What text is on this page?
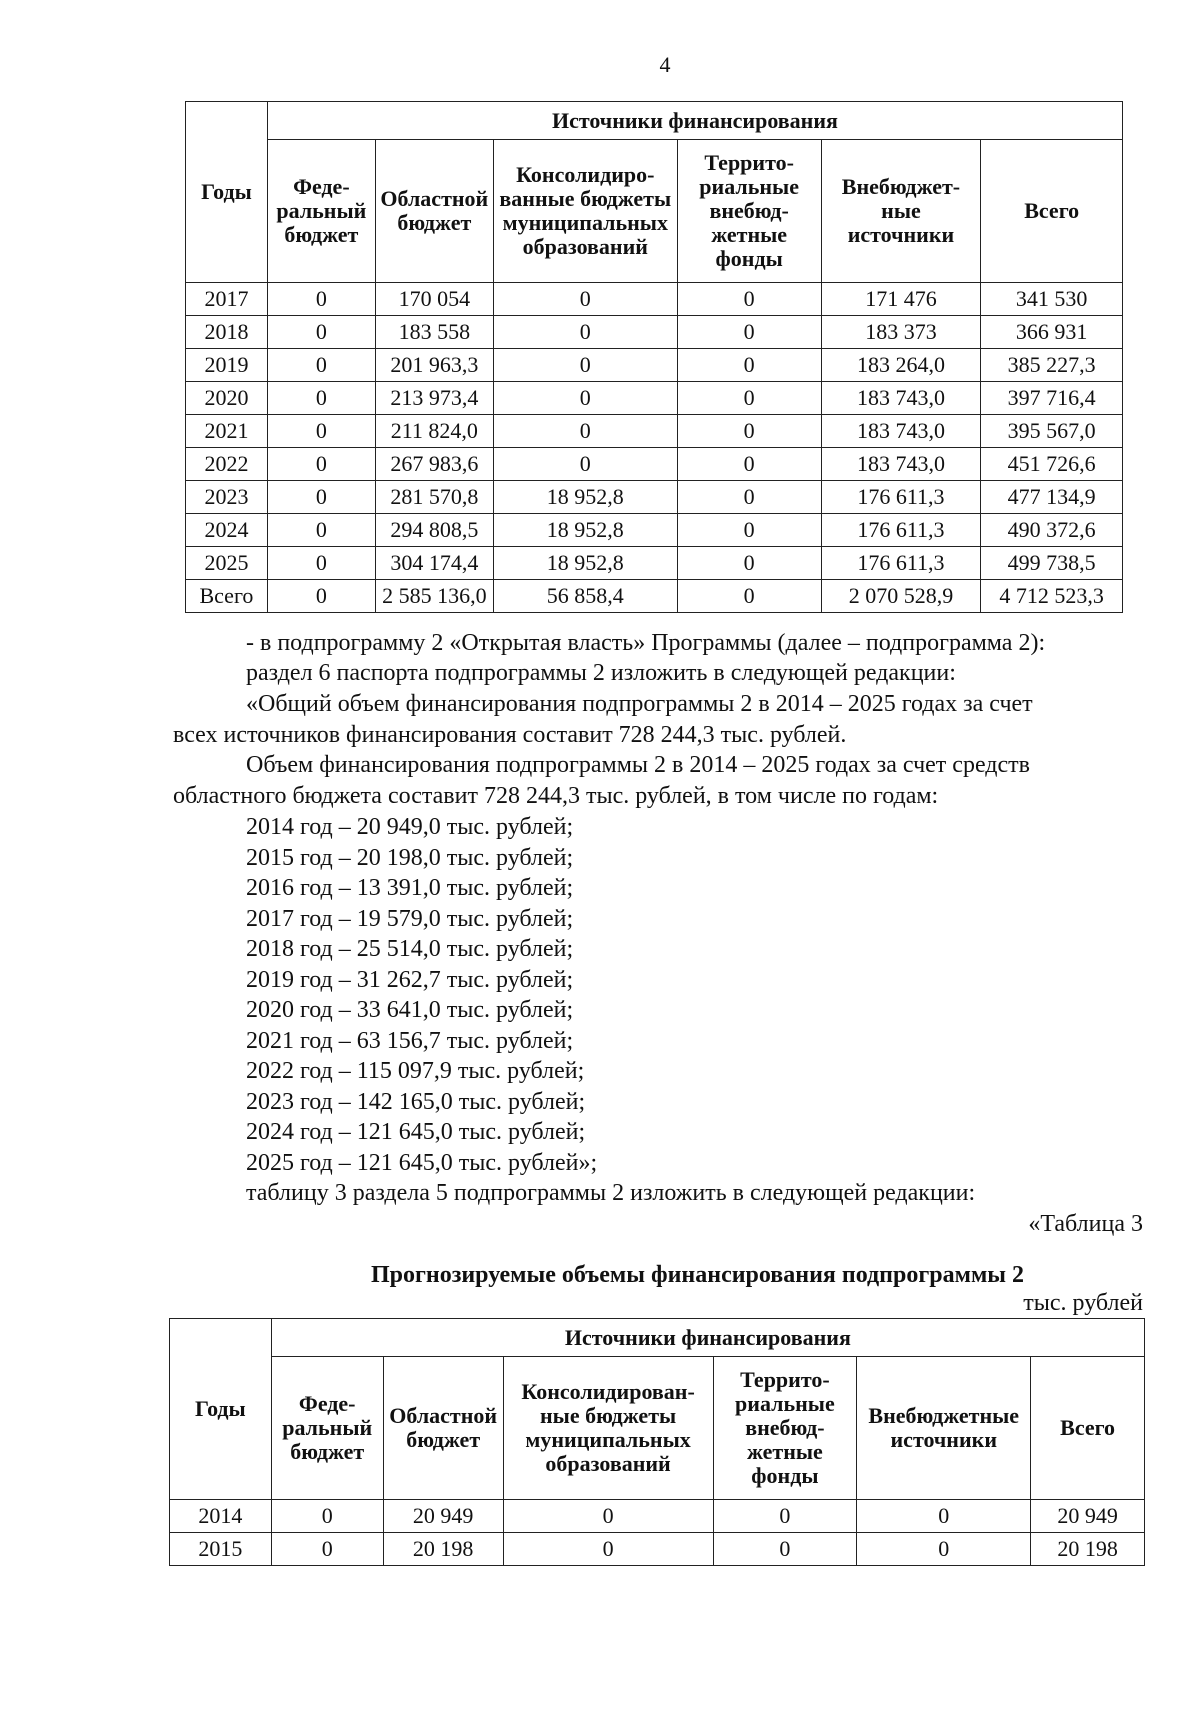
4
Годы	Источники финансирования					
	Феде-ральный бюджет	Областной бюджет	Консолидиро-ванные бюджеты муниципальных образований	Террито-риальные внебюд-жетные фонды	Внебюджет-ные источники	Всего
2017	0	170 054	0	0	171 476	341 530
2018	0	183 558	0	0	183 373	366 931
2019	0	201 963,3	0	0	183 264,0	385 227,3
2020	0	213 973,4	0	0	183 743,0	397 716,4
2021	0	211 824,0	0	0	183 743,0	395 567,0
2022	0	267 983,6	0	0	183 743,0	451 726,6
2023	0	281 570,8	18 952,8	0	176 611,3	477 134,9
2024	0	294 808,5	18 952,8	0	176 611,3	490 372,6
2025	0	304 174,4	18 952,8	0	176 611,3	499 738,5
Всего	0	2 585 136,0	56 858,4	0	2 070 528,9	4 712 523,3
- в подпрограмму 2 «Открытая власть» Программы (далее – подпрограмма 2):
раздел 6 паспорта подпрограммы 2 изложить в следующей редакции:
«Общий объем финансирования подпрограммы 2 в 2014 – 2025 годах за счет
всех источников финансирования составит 728 244,3 тыс. рублей.
Объем финансирования подпрограммы 2 в 2014 – 2025 годах за счет средств
областного бюджета составит 728 244,3 тыс. рублей, в том числе по годам:
2014 год – 20 949,0 тыс. рублей;
2015 год – 20 198,0 тыс. рублей;
2016 год – 13 391,0 тыс. рублей;
2017 год – 19 579,0 тыс. рублей;
2018 год – 25 514,0 тыс. рублей;
2019 год – 31 262,7 тыс. рублей;
2020 год – 33 641,0 тыс. рублей;
2021 год – 63 156,7 тыс. рублей;
2022 год – 115 097,9 тыс. рублей;
2023 год – 142 165,0 тыс. рублей;
2024 год – 121 645,0 тыс. рублей;
2025 год – 121 645,0 тыс. рублей»;
таблицу 3 раздела 5 подпрограммы 2 изложить в следующей редакции:
«Таблица 3
Прогнозируемые объемы финансирования подпрограммы 2
тыс. рублей
Годы	Источники финансирования					
	Феде-ральный бюджет	Областной бюджет	Консолидирован-ные бюджеты муниципальных образований	Террито-риальные внебюд-жетные фонды	Внебюджетные источники	Всего
2014	0	20 949	0	0	0	20 949
2015	0	20 198	0	0	0	20 198
